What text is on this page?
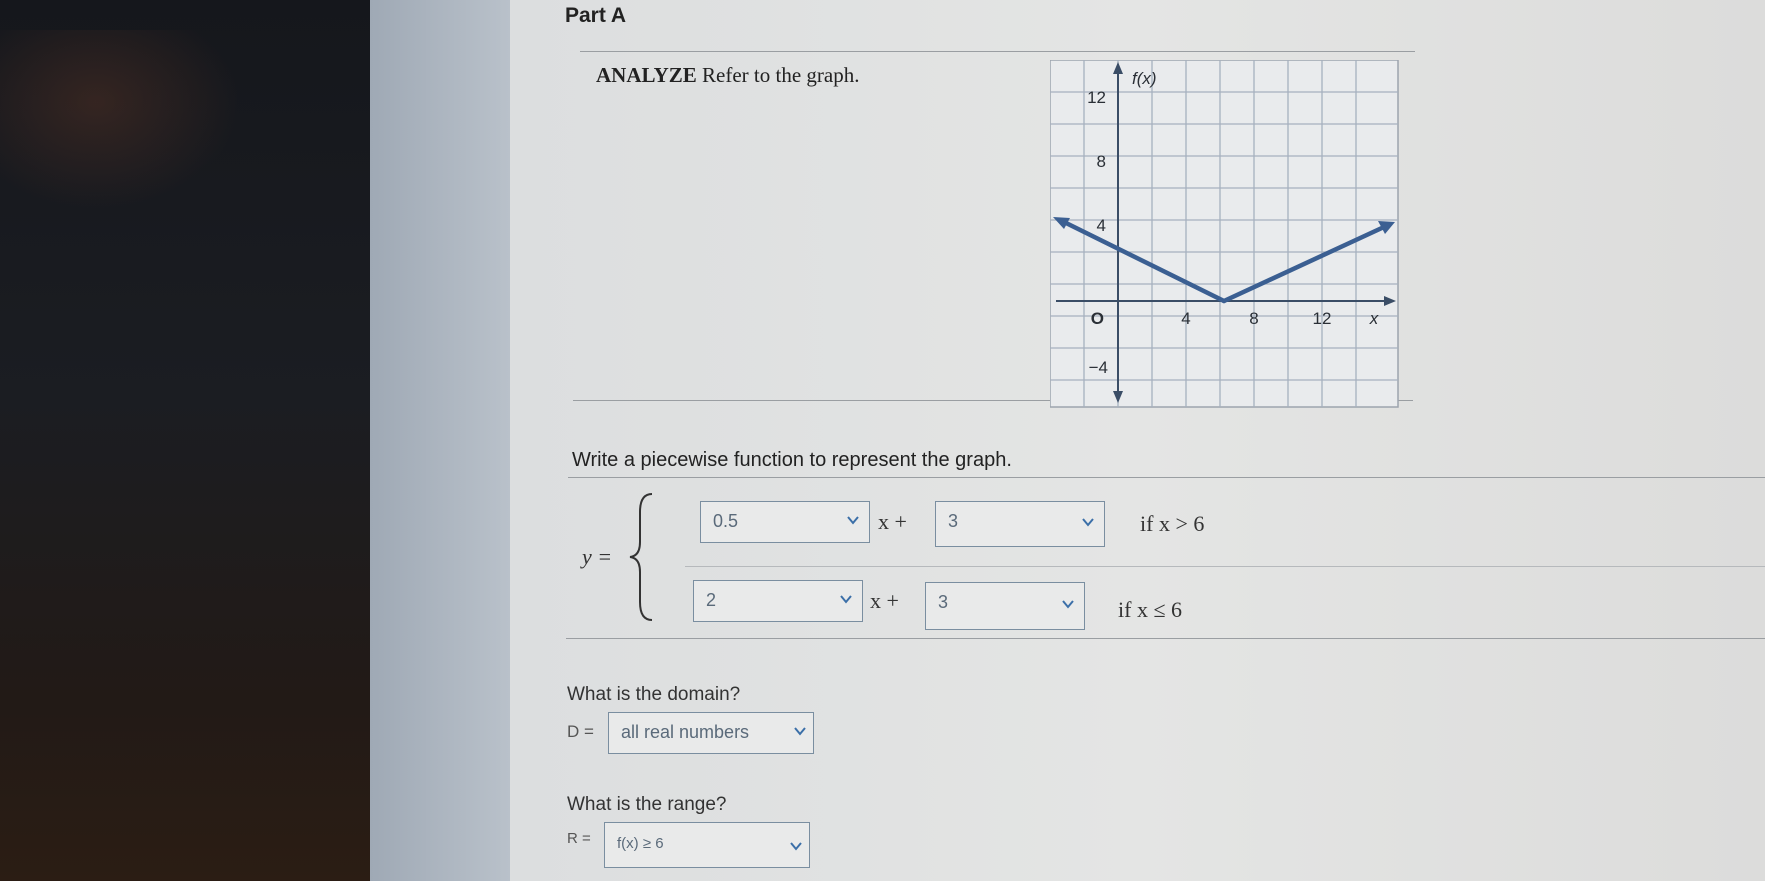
Part A
ANALYZE Refer to the graph.	f(x)
12
8
4
−4
O	4	8	12 x
Write a piecewise function to represent the graph.
y =
0.5	x + 3	if x > 6
2	x + 3	if x ≤ 6
What is the domain?
D = all real numbers
What is the range?
R = f(x) ≥ 6
